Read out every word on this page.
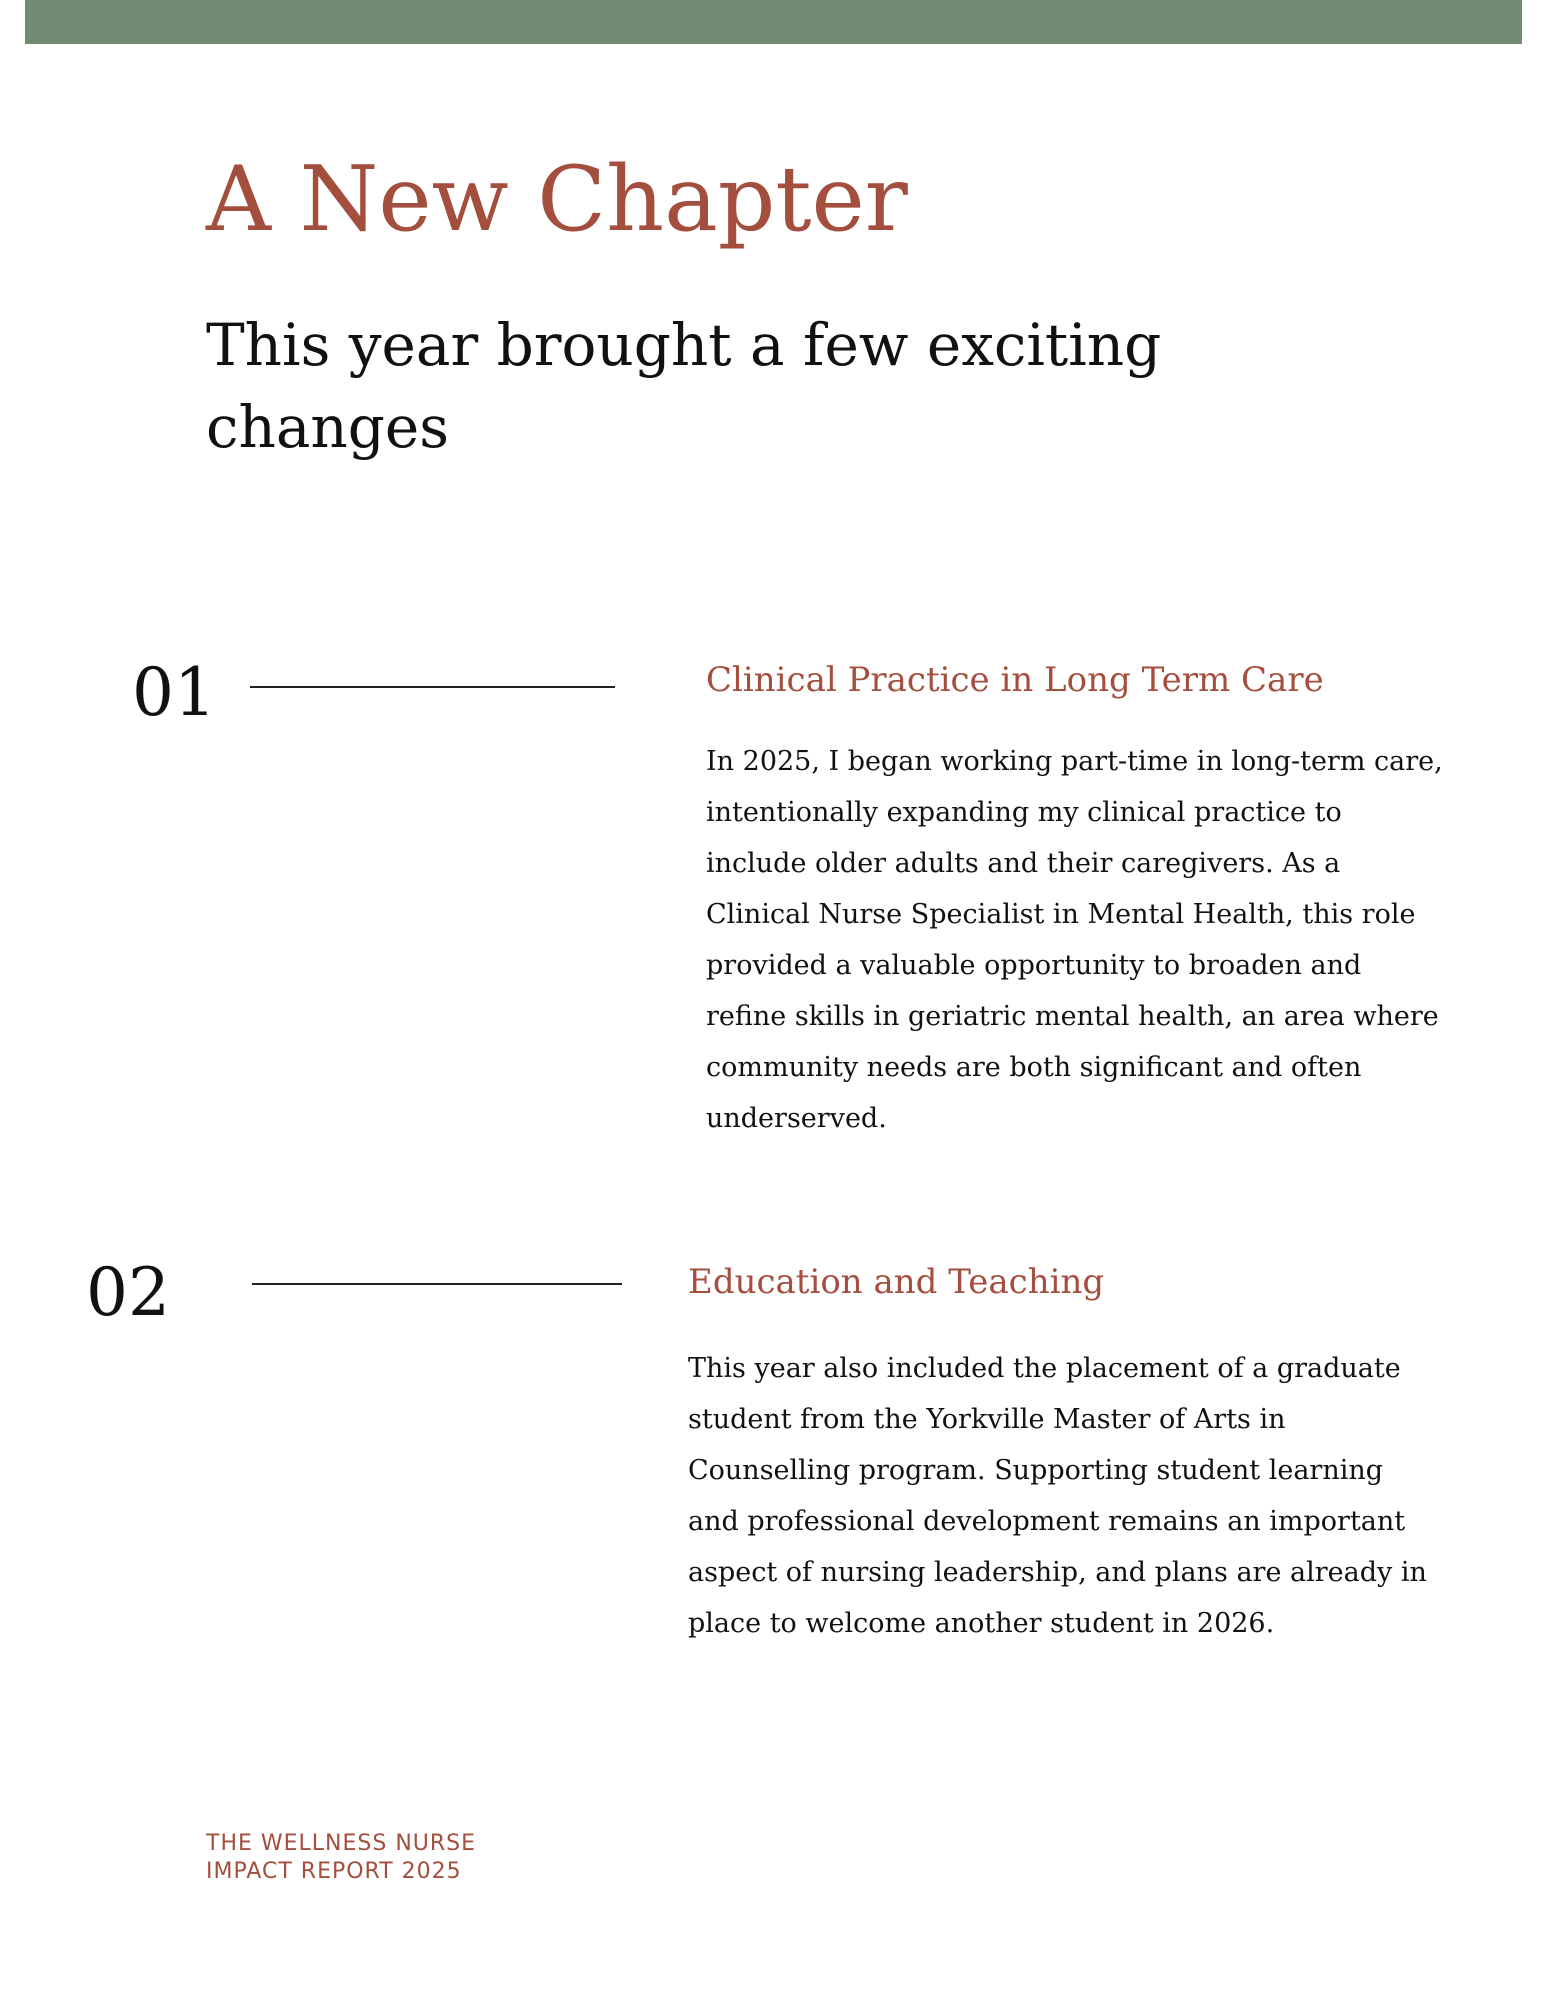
A New Chapter
This year brought a few exciting changes
01	Clinical Practice in Long Term Care

In 2025, I began working part-time in long-term care, intentionally expanding my clinical practice to include older adults and their caregivers. As a Clinical Nurse Specialist in Mental Health, this role provided a valuable opportunity to broaden and refine skills in geriatric mental health, an area where community needs are both significant and often underserved.

02	Education and Teaching

This year also included the placement of a graduate student from the Yorkville Master of Arts in Counselling program. Supporting student learning and professional development remains an important aspect of nursing leadership, and plans are already in place to welcome another student in 2026.

THE WELLNESS NURSE
IMPACT REPORT 2025
